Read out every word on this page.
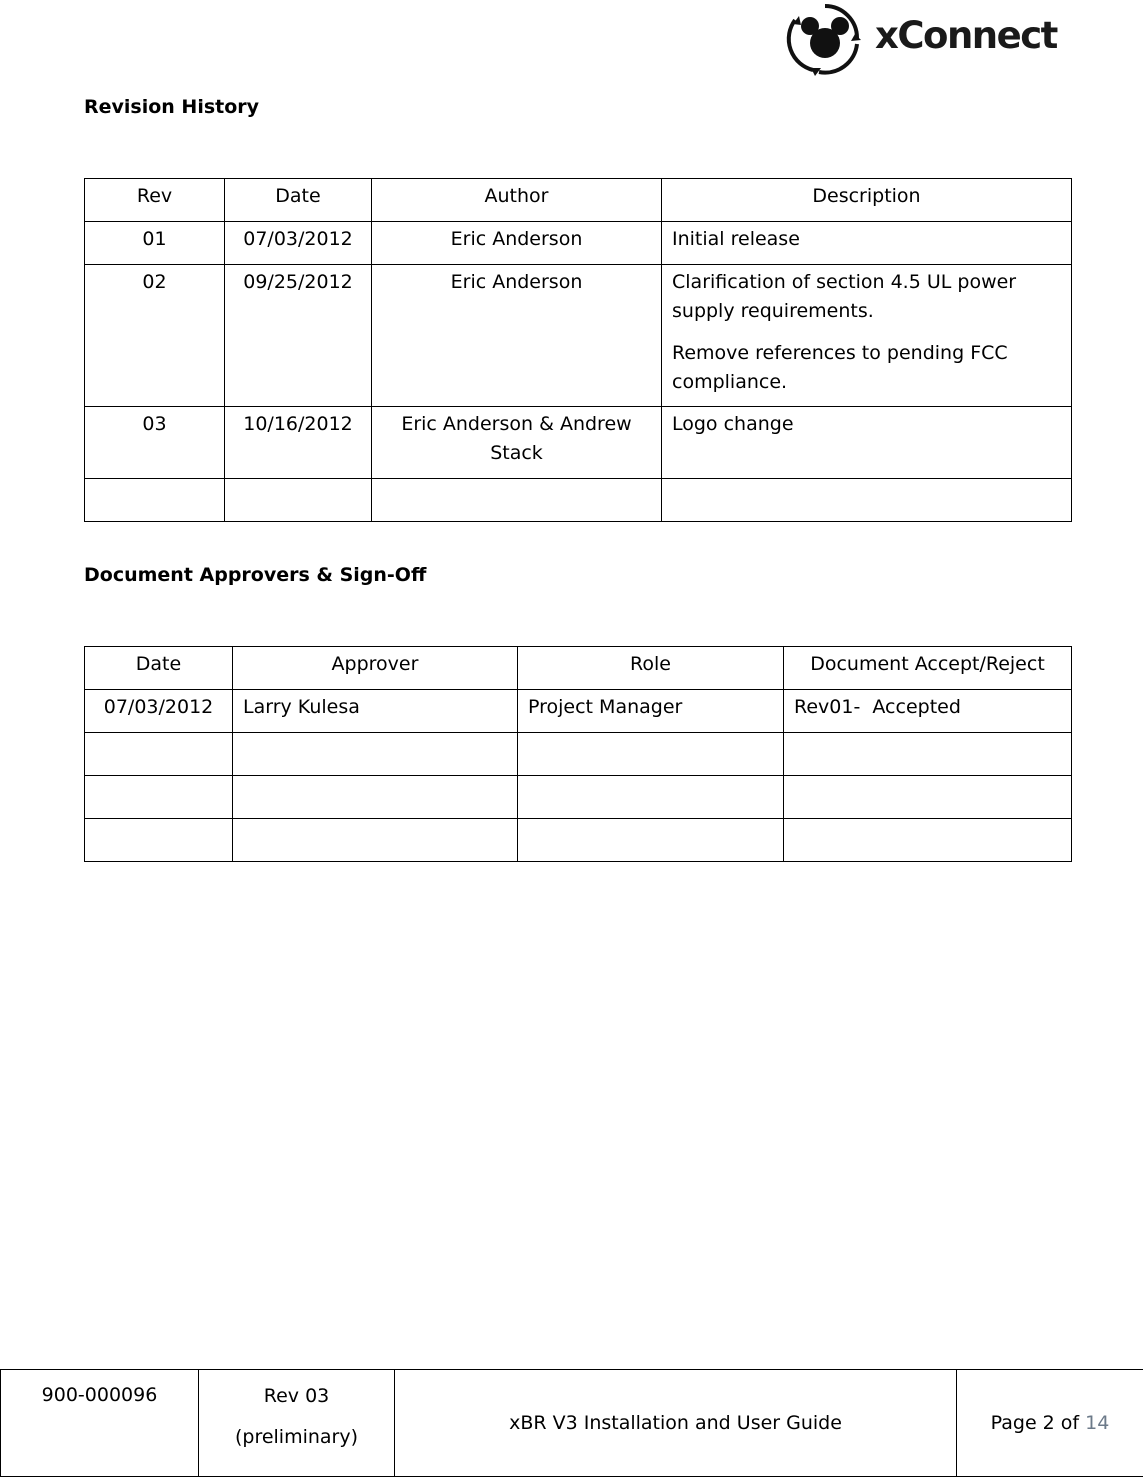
xConnect
Revision History
Rev	Date	Author	Description
01	07/03/2012	Eric Anderson	Initial release

02	09/25/2012	Eric Anderson	Clarification of section 4.5 UL power supply requirements.
Remove references to pending FCC compliance.

03	10/16/2012	Eric Anderson & Andrew Stack	Logo change

Document Approvers & Sign-Off
Date	Approver	Role	Document Accept/Reject
07/03/2012	Larry Kulesa	Project Manager	Rev01-  Accepted

900-000096	Rev 03
(preliminary)
	xBR V3 Installation and User Guide	Page 2 of 14
